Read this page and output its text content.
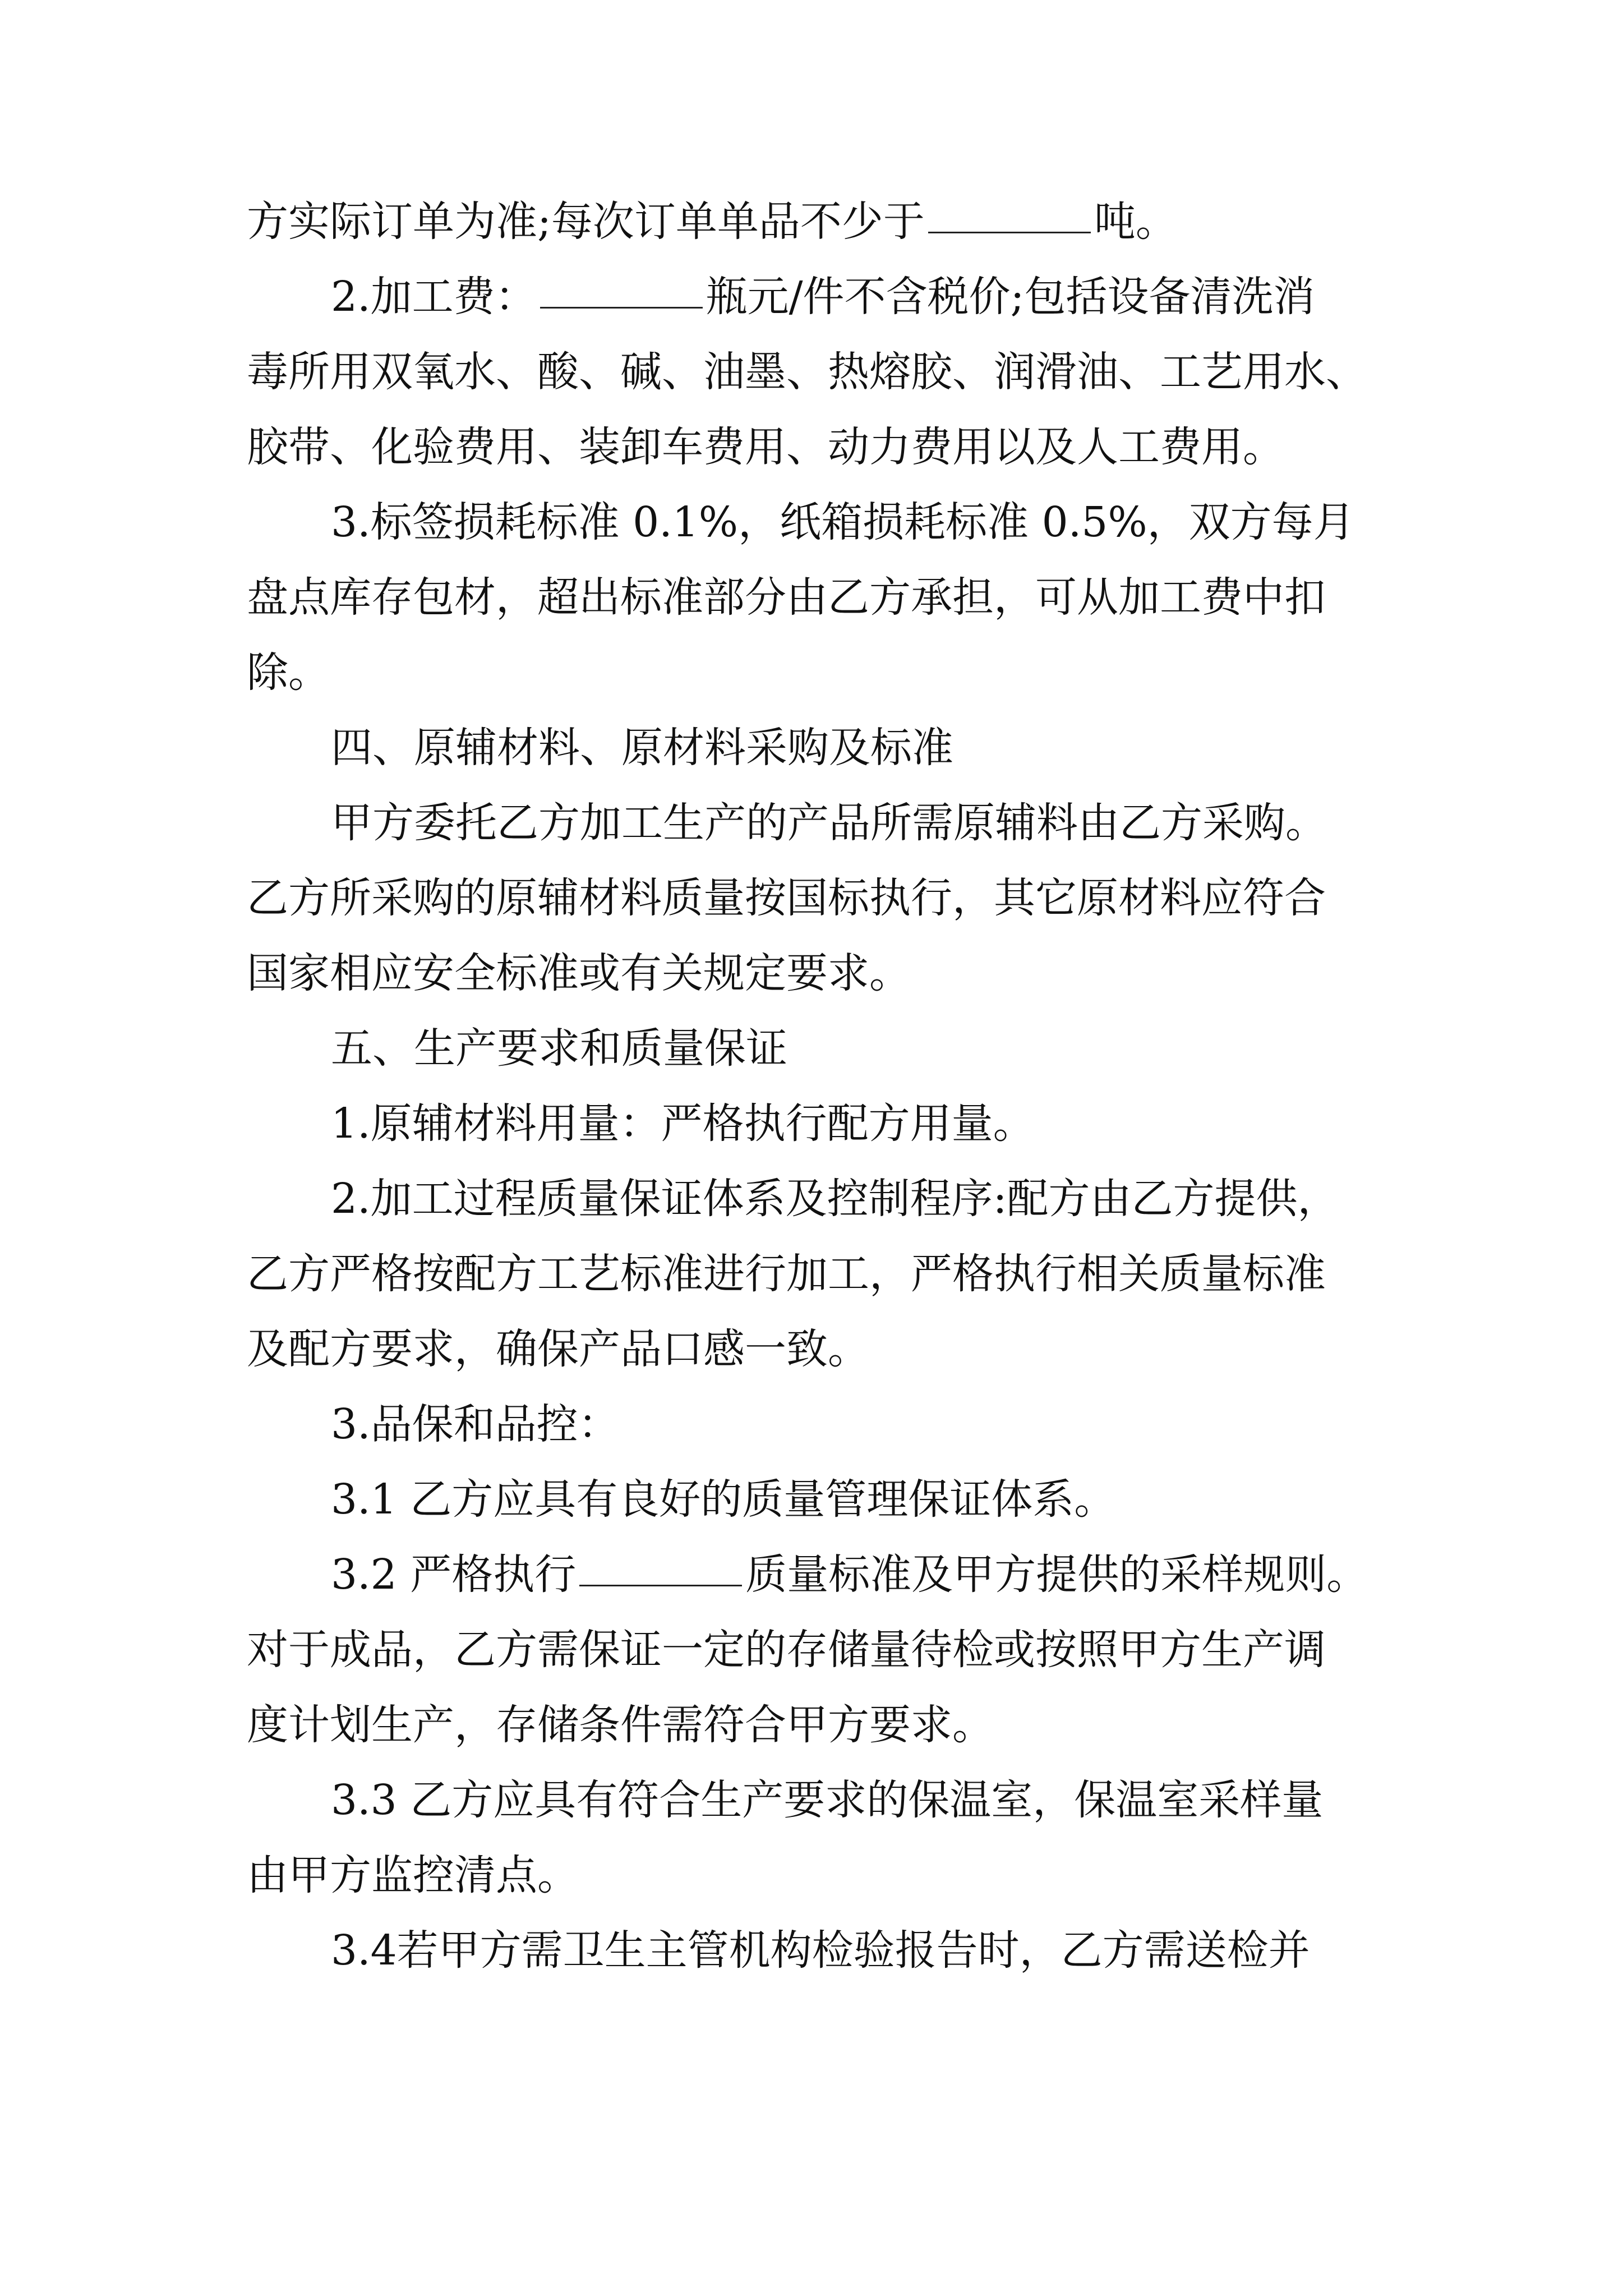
方实际订单为准;每次订单单品不少于	吨。
2.加工费：	瓶元/件不含税价;包括设备清洗消
毒所用双氧水、酸、碱、油墨、热熔胶、润滑油、工艺用水、
胶带、化验费用、装卸车费用、动力费用以及人工费用。
3.标签损耗标准 0.1%，纸箱损耗标准 0.5%，双方每月
盘点库存包材，超出标准部分由乙方承担，可从加工费中扣
除。
四、原辅材料、原材料采购及标准
甲方委托乙方加工生产的产品所需原辅料由乙方采购。
乙方所采购的原辅材料质量按国标执行，其它原材料应符合
国家相应安全标准或有关规定要求。
五、生产要求和质量保证
1.原辅材料用量：严格执行配方用量。
2.加工过程质量保证体系及控制程序:配方由乙方提供，
乙方严格按配方工艺标准进行加工，严格执行相关质量标准
及配方要求，确保产品口感一致。
3.品保和品控：
3.1 乙方应具有良好的质量管理保证体系。
3.2 严格执行	质量标准及甲方提供的采样规则。
对于成品，乙方需保证一定的存储量待检或按照甲方生产调
度计划生产，存储条件需符合甲方要求。
3.3 乙方应具有符合生产要求的保温室，保温室采样量
由甲方监控清点。
3.4若甲方需卫生主管机构检验报告时，乙方需送检并
